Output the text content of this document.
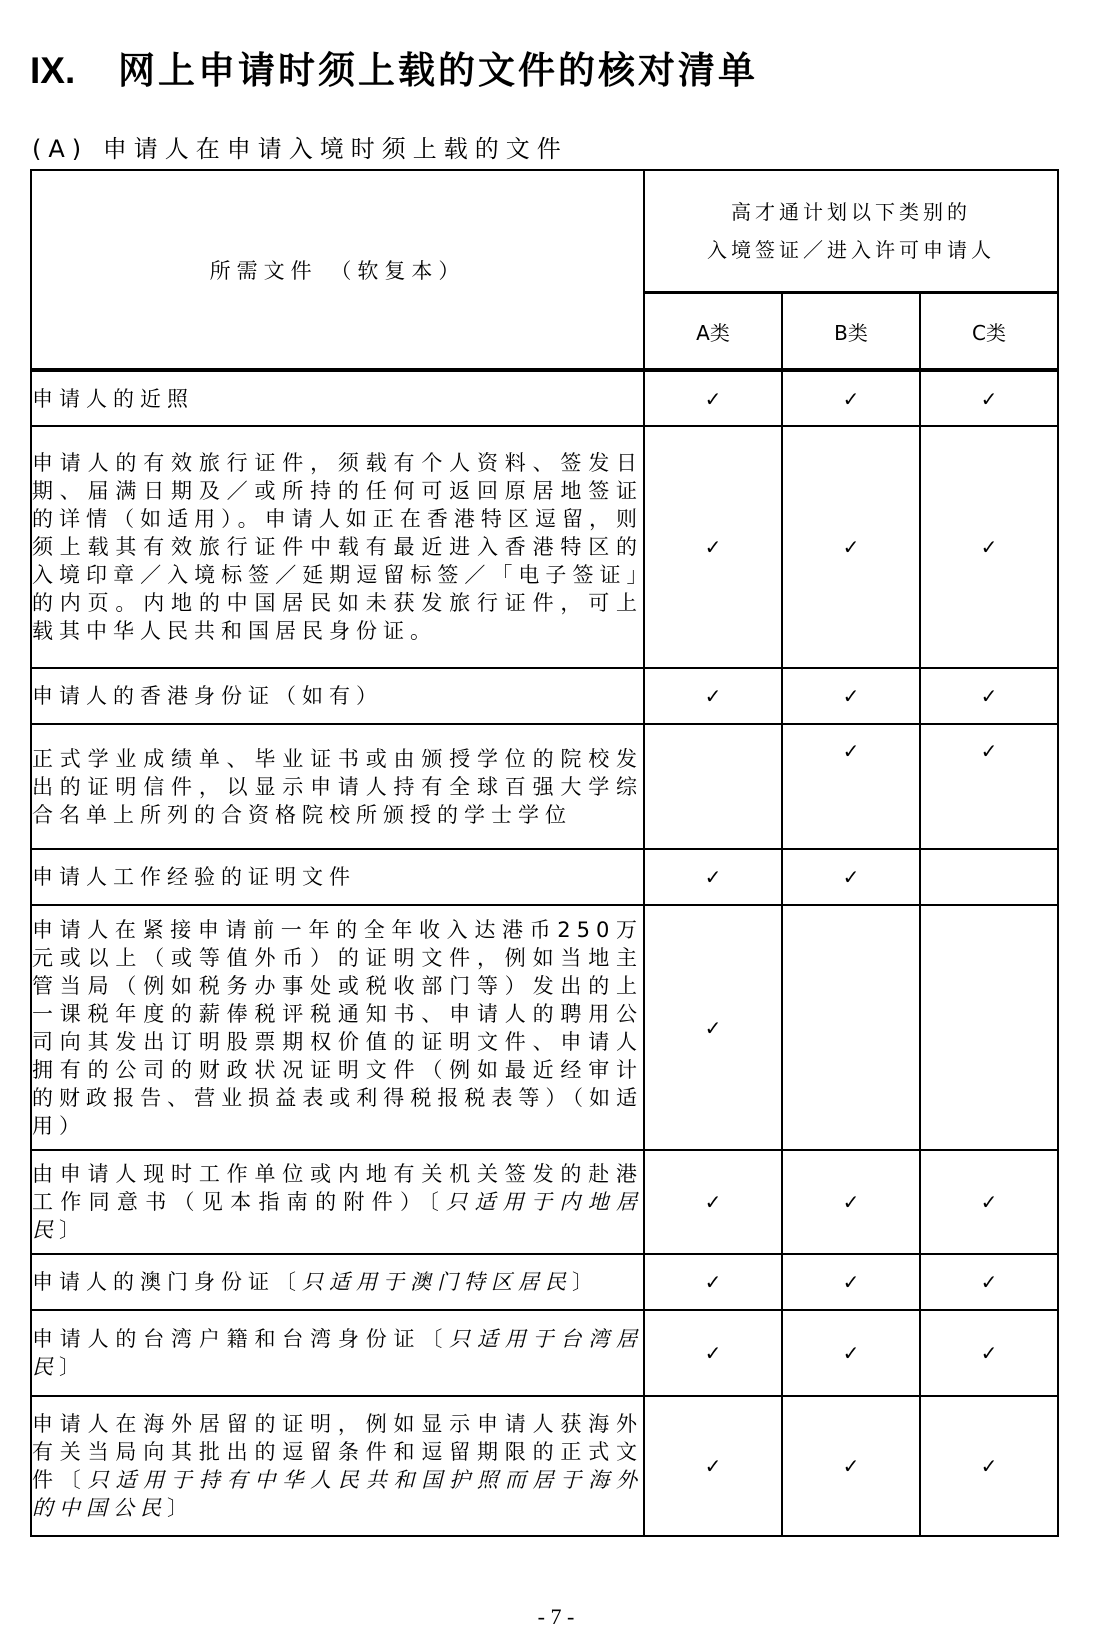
IX. 网上申请时须上载的文件的核对清单
(A) 申请人在申请入境时须上载的文件
所需文件 （软复本）	高才通计划以下类别的
入境签证／进入许可申请人		

	A类	B类	C类
申请人的近照	✓	✓	✓
申请人的有效旅行证件，须载有个人资料、签发日期、届满日期及／或所持的任何可返回原居地签证的详情（如适用）。申请人如正在香港特区逗留，则须上载其有效旅行证件中载有最近进入香港特区的入境印章／入境标签／延期逗留标签／「电子签证」的内页。内地的中国居民如未获发旅行证件，可上载其中华人民共和国居民身份证。	✓	✓	✓
申请人的香港身份证（如有）	✓	✓	✓
正式学业成绩单、毕业证书或由颁授学位的院校发出的证明信件，以显示申请人持有全球百强大学综合名单上所列的合资格院校所颁授的学士学位		✓	✓
申请人工作经验的证明文件	✓	✓	
申请人在紧接申请前一年的全年收入达港币250万元或以上（或等值外币）的证明文件，例如当地主管当局（例如税务办事处或税收部门等）发出的上一课税年度的薪俸税评税通知书、申请人的聘用公司向其发出订明股票期权价值的证明文件、申请人拥有的公司的财政状况证明文件（例如最近经审计的财政报告、营业损益表或利得税报税表等）（如适用）	✓		
由申请人现时工作单位或内地有关机关签发的赴港工作同意书（见本指南的附件）〔只适用于内地居民〕	✓	✓	✓
申请人的澳门身份证〔只适用于澳门特区居民〕	✓	✓	✓
申请人的台湾户籍和台湾身份证〔只适用于台湾居民〕	✓	✓	✓
申请人在海外居留的证明，例如显示申请人获海外有关当局向其批出的逗留条件和逗留期限的正式文件〔只适用于持有中华人民共和国护照而居于海外的中国公民〕	✓	✓	✓
- 7 -
